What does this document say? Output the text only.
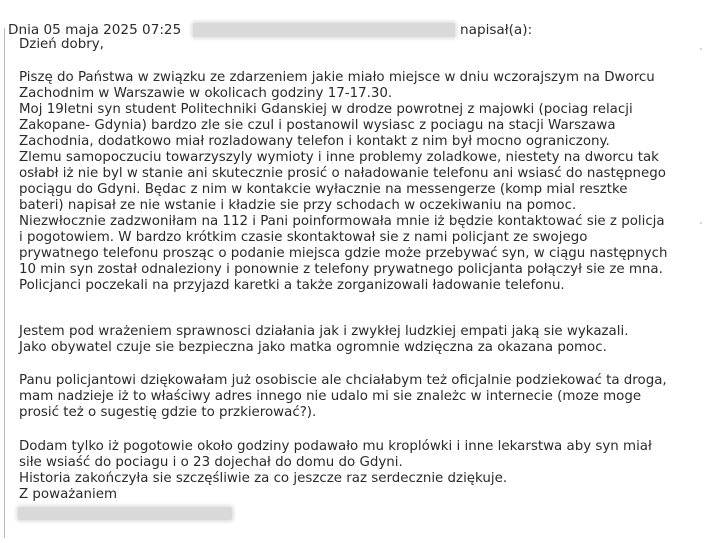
Dnia 05 maja 2025 07:25	napisał(a):
Dzień dobry,
Piszę do Państwa w związku ze zdarzeniem jakie miało miejsce w dniu wczorajszym na Dworcu
Zachodnim w Warszawie w okolicach godziny 17-17.30.
Moj 19letni syn student Politechniki Gdanskiej w drodze powrotnej z majowki (pociag relacji
Zakopane- Gdynia) bardzo zle sie czul i postanowil wysiasc z pociagu na stacji Warszawa
Zachodnia, dodatkowo miał rozladowany telefon i kontakt z nim był mocno ograniczony.
Zlemu samopoczuciu towarzyszyly wymioty i inne problemy zoladkowe, niestety na dworcu tak
osłabł iż nie byl w stanie ani skutecznie prosić o naładowanie telefonu ani wsiasć do następnego
pociągu do Gdyni. Będac z nim w kontakcie wyłacznie na messengerze (komp mial resztke
bateri) napisał ze nie wstanie i kładzie sie przy schodach w oczekiwaniu na pomoc.
Niezwłocznie zadzwoniłam na 112 i Pani poinformowała mnie iż będzie kontaktować sie z policja
i pogotowiem. W bardzo krótkim czasie skontaktował sie z nami policjant ze swojego
prywatnego telefonu prosząc o podanie miejsca gdzie może przebywać syn, w ciągu następnych
10 min syn został odnaleziony i ponownie z telefony prywatnego policjanta połączył sie ze mna.
Policjanci poczekali na przyjazd karetki a także zorganizowali ładowanie telefonu.
Jestem pod wrażeniem sprawnosci działania jak i zwykłej ludzkiej empati jaką sie wykazali.
Jako obywatel czuje sie bezpieczna jako matka ogromnie wdzięczna za okazana pomoc.
Panu policjantowi dziękowałam już osobiscie ale chciałabym też oficjalnie podziekować ta droga,
mam nadzieje iż to właściwy adres innego nie udalo mi sie znależc w internecie (moze moge
prosić też o sugestię gdzie to przkierować?).
Dodam tylko iż pogotowie około godziny podawało mu kroplówki i inne lekarstwa aby syn miał
siłe wsiaść do pociagu i o 23 dojechał do domu do Gdyni.
Historia zakończyła sie szczęśliwie za co jeszcze raz serdecznie dziękuje.
Z poważaniem
